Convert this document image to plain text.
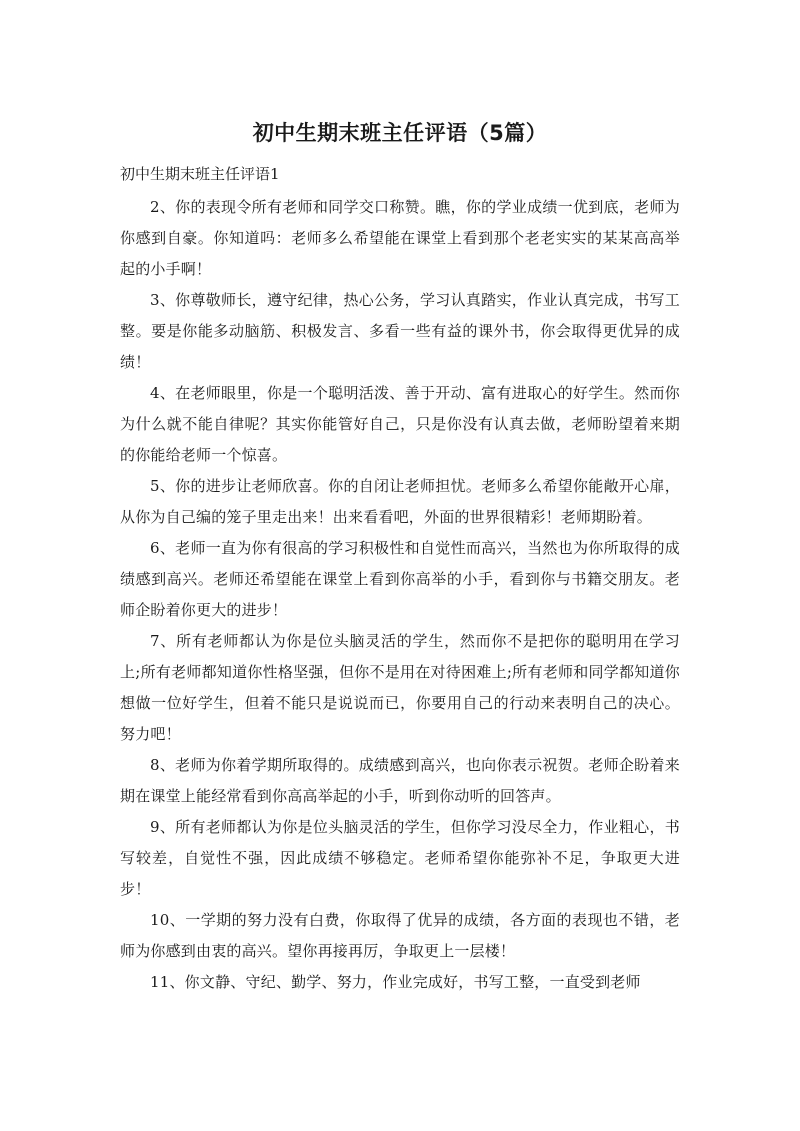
初中生期末班主任评语（5篇）

初中生期末班主任评语1

2、你的表现令所有老师和同学交口称赞。瞧，你的学业成绩一优到底，老师为你感到自豪。你知道吗：老师多么希望能在课堂上看到那个老老实实的某某高高举起的小手啊！

3、你尊敬师长，遵守纪律，热心公务，学习认真踏实，作业认真完成，书写工整。要是你能多动脑筋、积极发言、多看一些有益的课外书，你会取得更优异的成绩！

4、在老师眼里，你是一个聪明活泼、善于开动、富有进取心的好学生。然而你为什么就不能自律呢？其实你能管好自己，只是你没有认真去做，老师盼望着来期的你能给老师一个惊喜。

5、你的进步让老师欣喜。你的自闭让老师担忧。老师多么希望你能敞开心扉，从你为自己编的笼子里走出来！出来看看吧，外面的世界很精彩！老师期盼着。

6、老师一直为你有很高的学习积极性和自觉性而高兴，当然也为你所取得的成绩感到高兴。老师还希望能在课堂上看到你高举的小手，看到你与书籍交朋友。老师企盼着你更大的进步！

7、所有老师都认为你是位头脑灵活的学生，然而你不是把你的聪明用在学习上;所有老师都知道你性格坚强，但你不是用在对待困难上;所有老师和同学都知道你想做一位好学生，但着不能只是说说而已，你要用自己的行动来表明自己的决心。努力吧！

8、老师为你着学期所取得的。成绩感到高兴，也向你表示祝贺。老师企盼着来期在课堂上能经常看到你高高举起的小手，听到你动听的回答声。

9、所有老师都认为你是位头脑灵活的学生，但你学习没尽全力，作业粗心，书写较差，自觉性不强，因此成绩不够稳定。老师希望你能弥补不足，争取更大进步！

10、一学期的努力没有白费，你取得了优异的成绩，各方面的表现也不错，老师为你感到由衷的高兴。望你再接再厉，争取更上一层楼！

11、你文静、守纪、勤学、努力，作业完成好，书写工整，一直受到老师
